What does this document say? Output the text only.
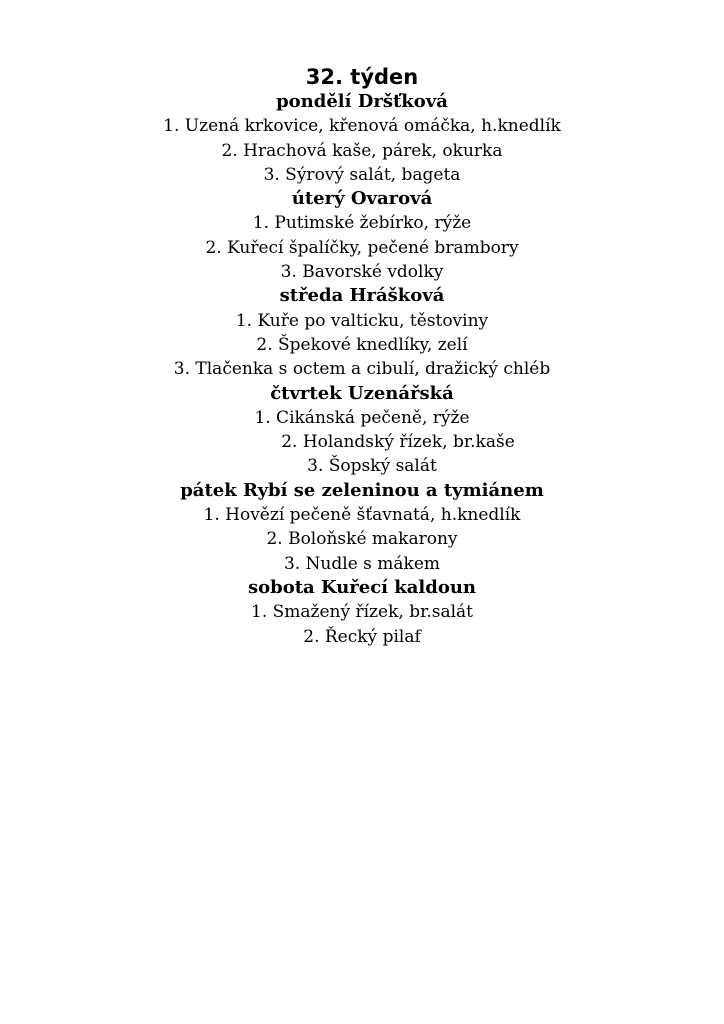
32. týden
pondělí Dršťková
1. Uzená krkovice, křenová omáčka, h.knedlík
2. Hrachová kaše, párek, okurka
3. Sýrový salát, bageta
úterý Ovarová
1. Putimské žebírko, rýže
2. Kuřecí špalíčky, pečené brambory
3. Bavorské vdolky
středa Hrášková
1. Kuře po valticku, těstoviny
2. Špekové knedlíky, zelí
3. Tlačenka s octem a cibulí, dražický chléb
čtvrtek Uzenářská
1. Cikánská pečeně, rýže
2. Holandský řízek, br.kaše
3. Šopský salát
pátek Rybí se zeleninou a tymiánem
1. Hovězí pečeně šťavnatá, h.knedlík
2. Boloňské makarony
3. Nudle s mákem
sobota Kuřecí kaldoun
1. Smažený řízek, br.salát
2. Řecký pilaf
